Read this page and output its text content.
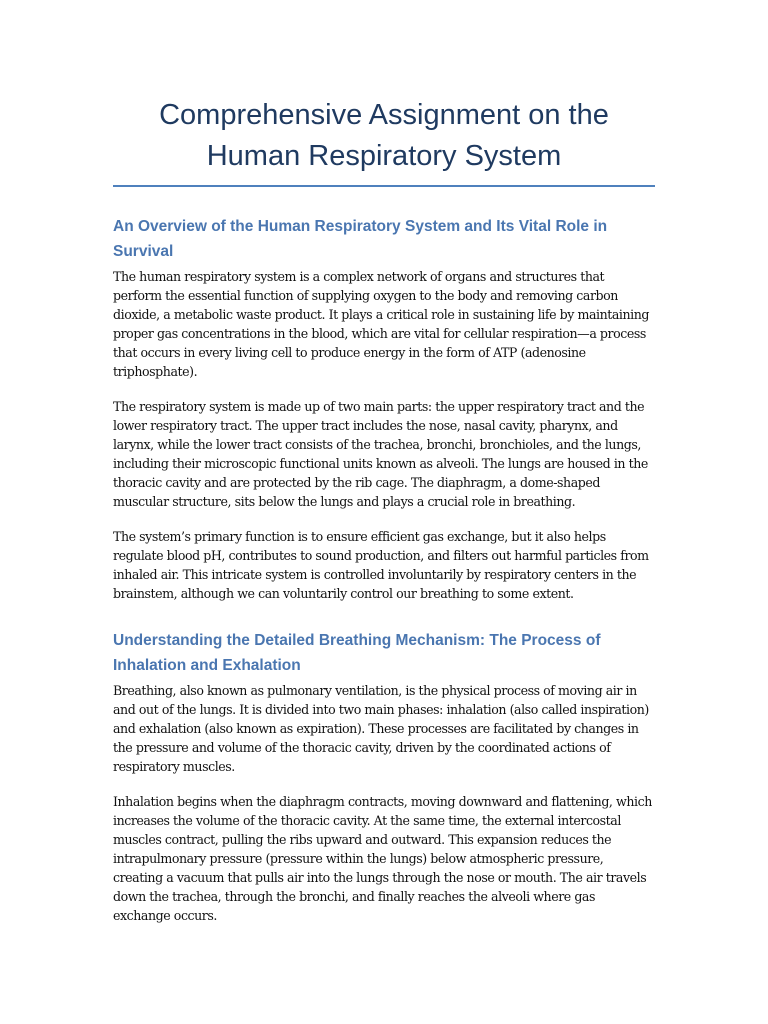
Comprehensive Assignment on the
Human Respiratory System
An Overview of the Human Respiratory System and Its Vital Role in Survival

The human respiratory system is a complex network of organs and structures that perform the essential function of supplying oxygen to the body and removing carbon dioxide, a metabolic waste product. It plays a critical role in sustaining life by maintaining proper gas concentrations in the blood, which are vital for cellular respiration—a process that occurs in every living cell to produce energy in the form of ATP (adenosine triphosphate).

The respiratory system is made up of two main parts: the upper respiratory tract and the lower respiratory tract. The upper tract includes the nose, nasal cavity, pharynx, and larynx, while the lower tract consists of the trachea, bronchi, bronchioles, and the lungs, including their microscopic functional units known as alveoli. The lungs are housed in the thoracic cavity and are protected by the rib cage. The diaphragm, a dome-shaped muscular structure, sits below the lungs and plays a crucial role in breathing.

The system’s primary function is to ensure efficient gas exchange, but it also helps regulate blood pH, contributes to sound production, and filters out harmful particles from inhaled air. This intricate system is controlled involuntarily by respiratory centers in the brainstem, although we can voluntarily control our breathing to some extent.

Understanding the Detailed Breathing Mechanism: The Process of Inhalation and Exhalation

Breathing, also known as pulmonary ventilation, is the physical process of moving air in and out of the lungs. It is divided into two main phases: inhalation (also called inspiration) and exhalation (also known as expiration). These processes are facilitated by changes in the pressure and volume of the thoracic cavity, driven by the coordinated actions of respiratory muscles.

Inhalation begins when the diaphragm contracts, moving downward and flattening, which increases the volume of the thoracic cavity. At the same time, the external intercostal muscles contract, pulling the ribs upward and outward. This expansion reduces the intrapulmonary pressure (pressure within the lungs) below atmospheric pressure, creating a vacuum that pulls air into the lungs through the nose or mouth. The air travels down the trachea, through the bronchi, and finally reaches the alveoli where gas exchange occurs.
